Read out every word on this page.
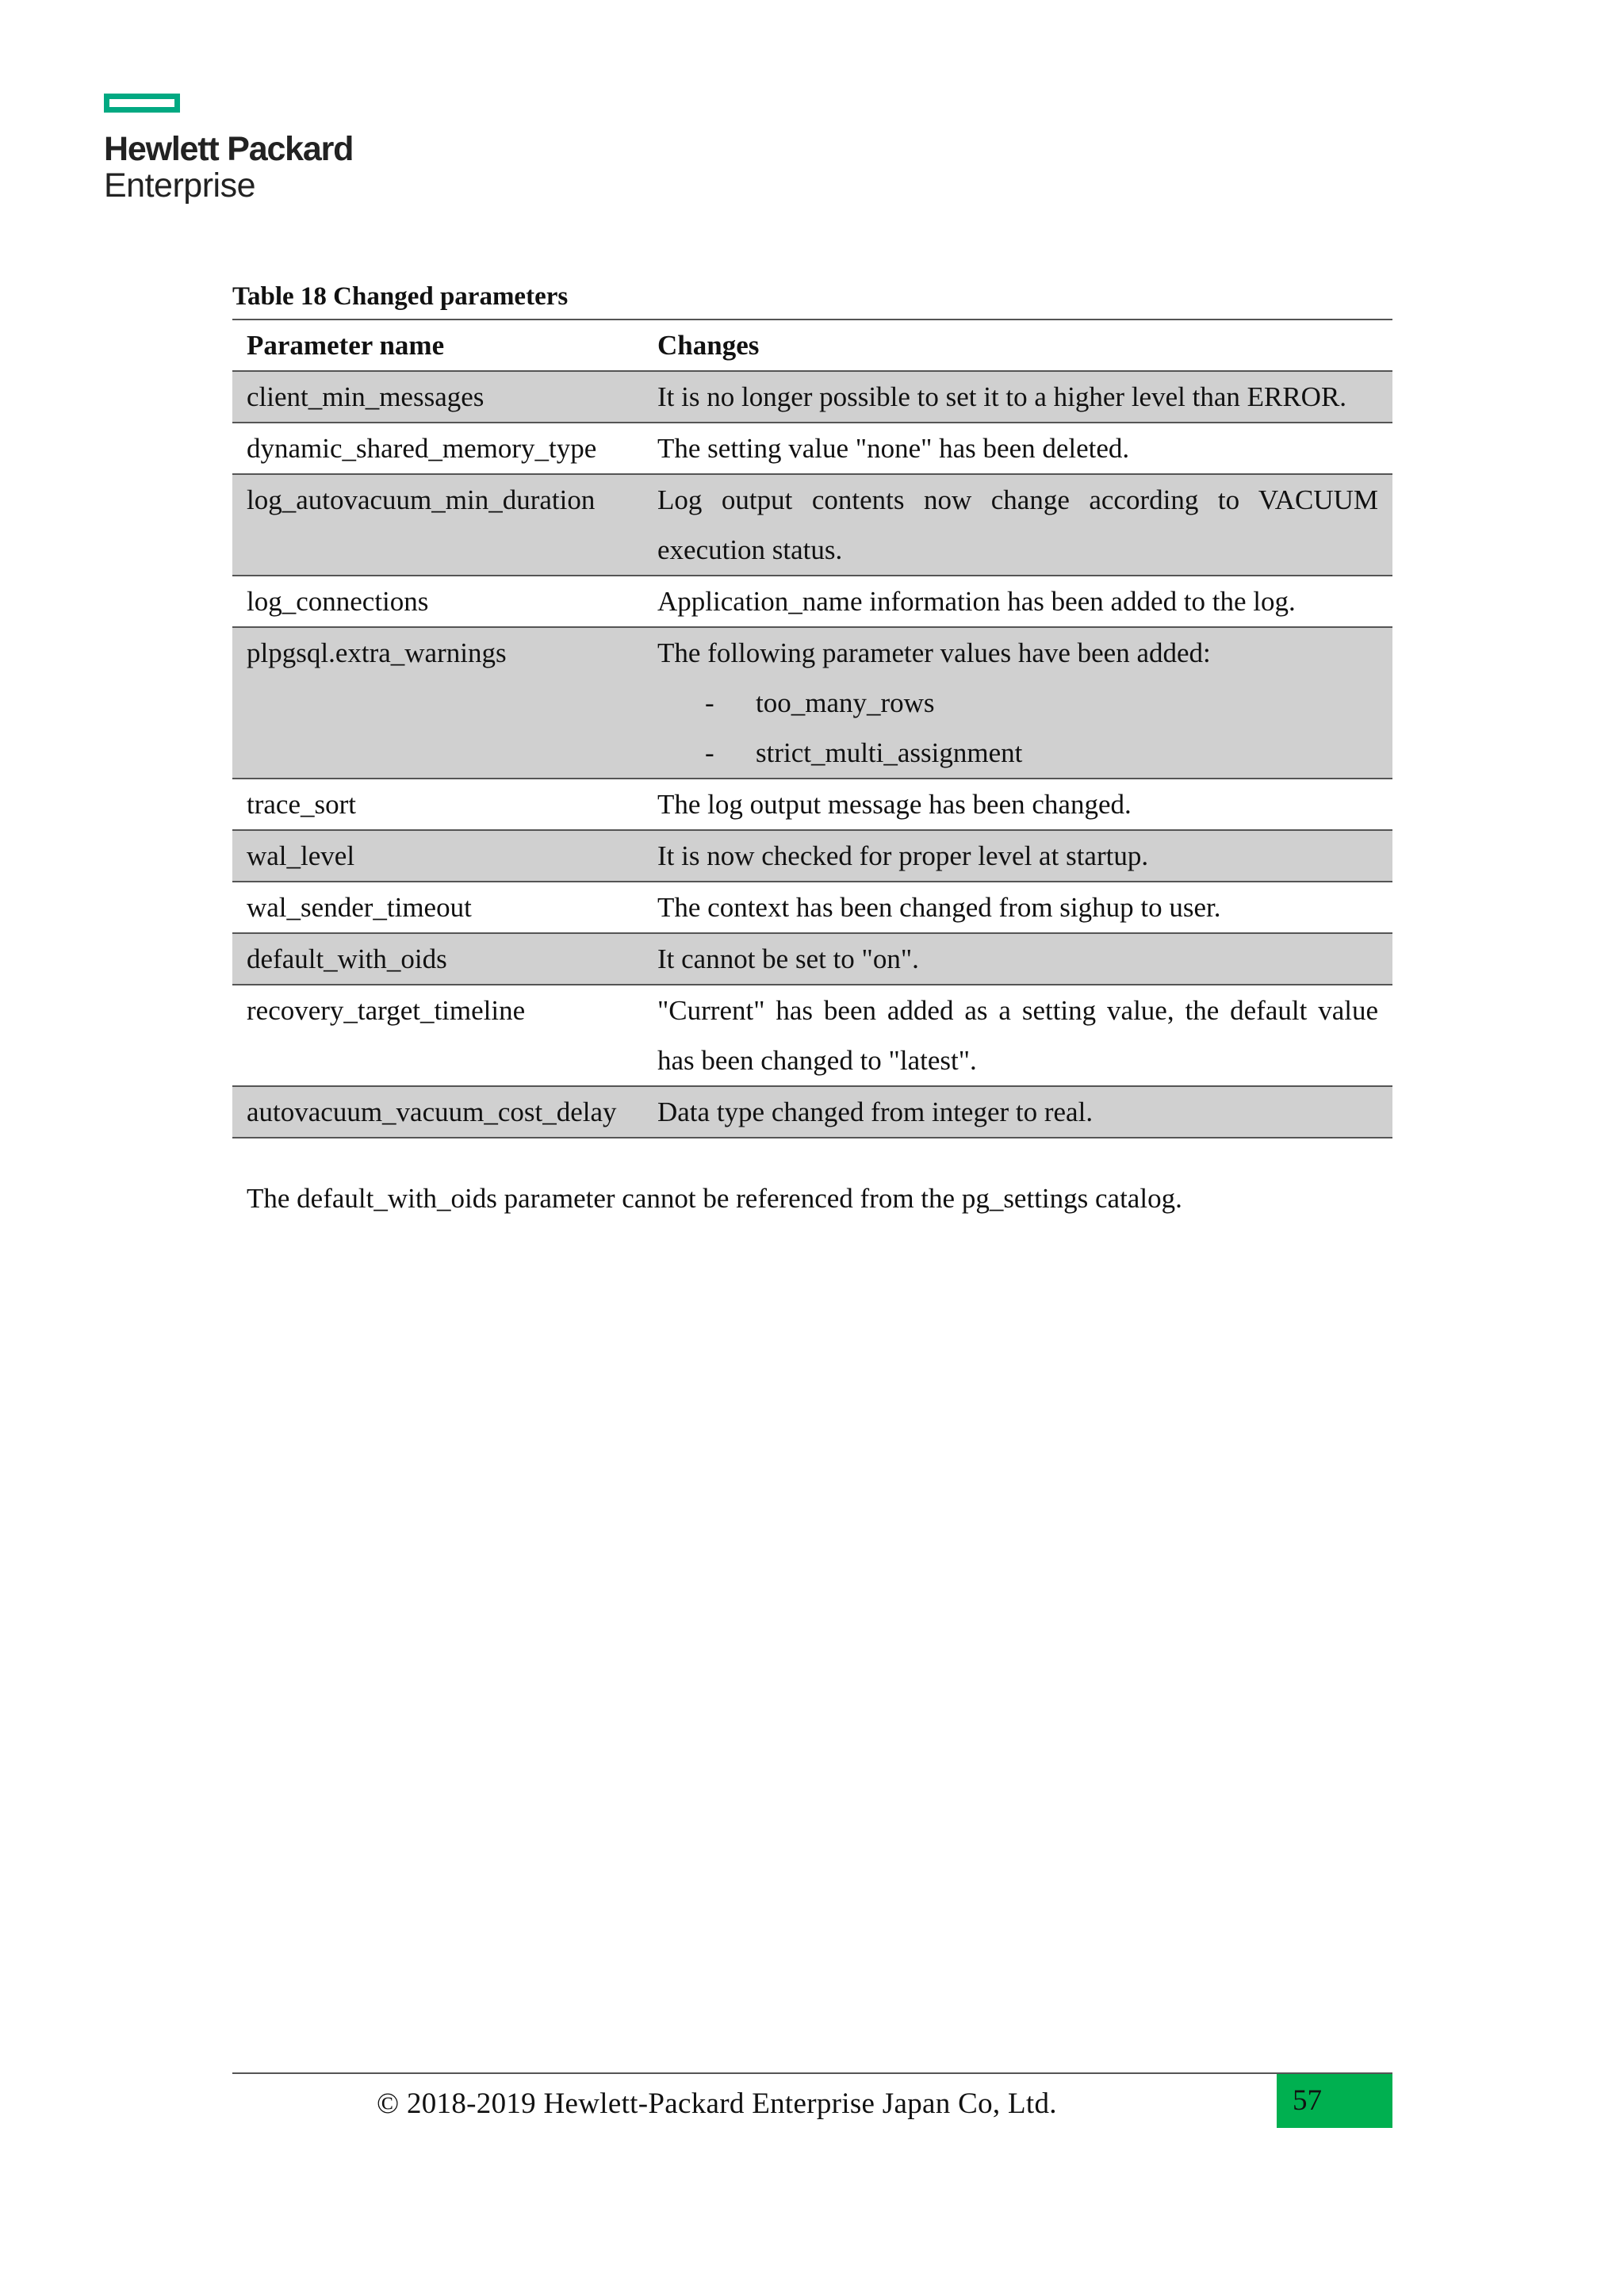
Hewlett Packard
Enterprise
Table 18 Changed parameters
Parameter name	Changes
client_min_messages	It is no longer possible to set it to a higher level than ERROR.
dynamic_shared_memory_type	The setting value "none" has been deleted.
log_autovacuum_min_duration	Log output contents now change according to VACUUM execution status.
log_connections	Application_name information has been added to the log.
plpgsql.extra_warnings	The following parameter values have been added:
- too_many_rows
- strict_multi_assignment

trace_sort	The log output message has been changed.
wal_level	It is now checked for proper level at startup.
wal_sender_timeout	The context has been changed from sighup to user.
default_with_oids	It cannot be set to "on".
recovery_target_timeline	"Current" has been added as a setting value, the default value has been changed to "latest".
autovacuum_vacuum_cost_delay	Data type changed from integer to real.
The default_with_oids parameter cannot be referenced from the pg_settings catalog.
© 2018-2019 Hewlett-Packard Enterprise Japan Co, Ltd.	57
